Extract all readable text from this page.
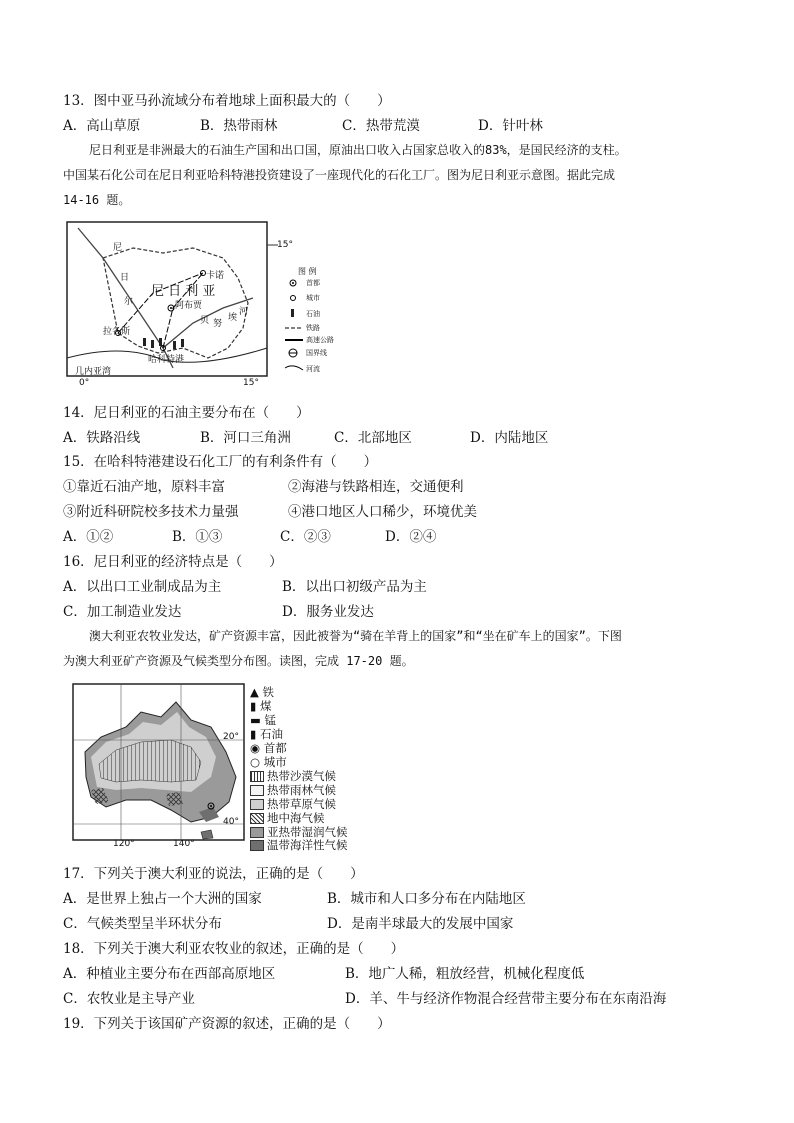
13．图中亚马孙流域分布着地球上面积最大的（　　）
A．高山草原	B．热带雨林	C．热带荒漠	D．针叶林
尼日利亚是非洲最大的石油生产国和出口国，原油出口收入占国家总收入的83%，是国民经济的支柱。
中国某石化公司在尼日利亚哈科特港投资建设了一座现代化的石化工厂。图为尼日利亚示意图。据此完成
14-16 题。
尼
日
尔
尼 日 利 亚
卡诺
阿布贾
哈科特港
拉各斯
贝 努
埃
河
几内亚湾
15°
0°	15°
图 例
首都
城市
石油
铁路
高速公路
国界线
河流
14．尼日利亚的石油主要分布在（　　）
A．铁路沿线	B．河口三角洲	C．北部地区	D．内陆地区
15．在哈科特港建设石化工厂的有利条件有（　　）
①靠近石油产地，原料丰富	②海港与铁路相连，交通便利
③附近科研院校多技术力量强	④港口地区人口稀少，环境优美
A．①②	B．①③	C．②③	D．②④
16．尼日利亚的经济特点是（　　）
A．以出口工业制成品为主	B．以出口初级产品为主
C．加工制造业发达	D．服务业发达
澳大利亚农牧业发达，矿产资源丰富，因此被誉为“骑在羊背上的国家”和“坐在矿车上的国家”。下图
为澳大利亚矿产资源及气候类型分布图。读图，完成 17-20 题。
20°
40°
120°	140°
▲ 铁
▮ 煤
▬ 锰
▮ 石油
◉ 首都
○ 城市
热带沙漠气候
热带雨林气候
热带草原气候
地中海气候
亚热带湿润气候
温带海洋性气候
17．下列关于澳大利亚的说法，正确的是（　　）
A．是世界上独占一个大洲的国家	B．城市和人口多分布在内陆地区
C．气候类型呈半环状分布	D．是南半球最大的发展中国家
18．下列关于澳大利亚农牧业的叙述，正确的是（　　）
A．种植业主要分布在西部高原地区	B．地广人稀，粗放经营，机械化程度低
C．农牧业是主导产业	D．羊、牛与经济作物混合经营带主要分布在东南沿海
19．下列关于该国矿产资源的叙述，正确的是（　　）
